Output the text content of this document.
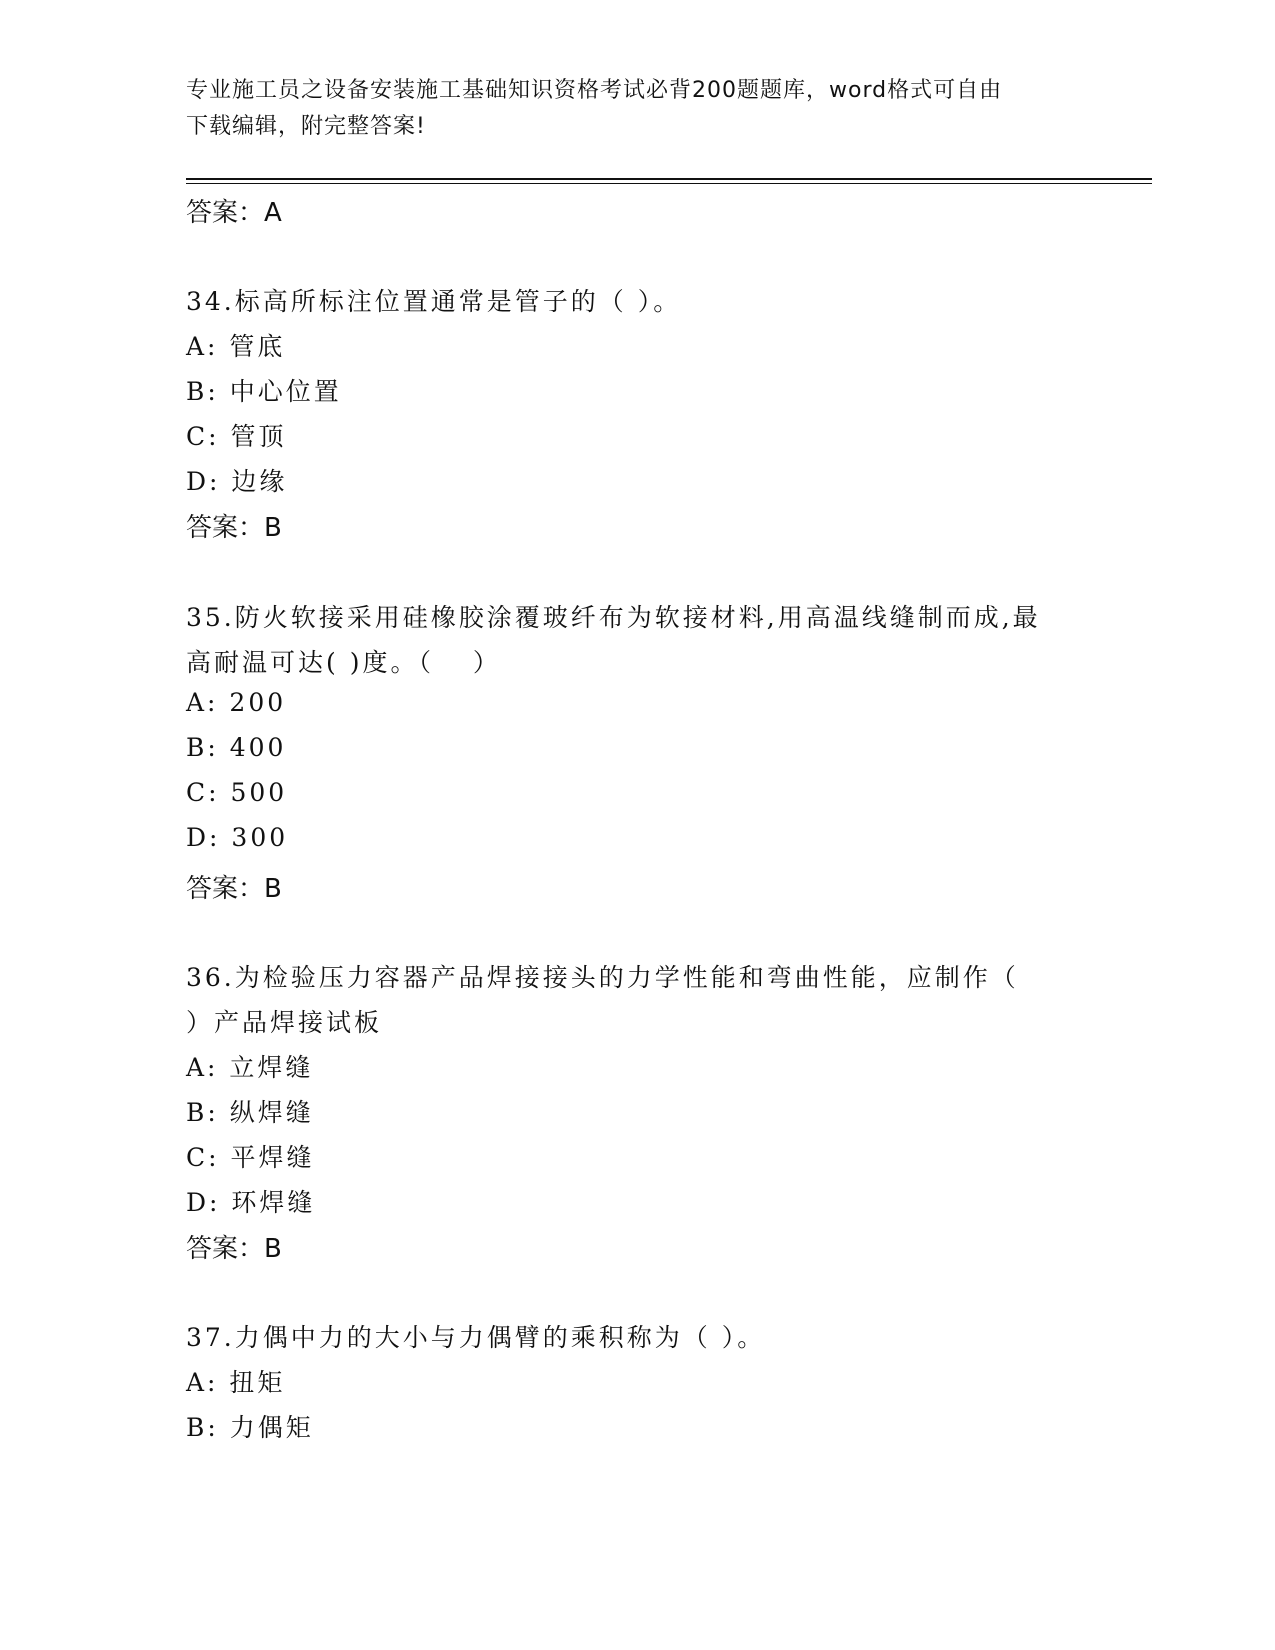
专业施工员之设备安装施工基础知识资格考试必背200题题库，word格式可自由
下载编辑，附完整答案!
答案：A
34.标高所标注位置通常是管子的（ ）。
A: 管底
B: 中心位置
C: 管顶
D: 边缘
答案：B
35.防火软接采用硅橡胶涂覆玻纤布为软接材料,用高温线缝制而成,最
高耐温可达( )度。（　 ）
A: 200
B: 400
C: 500
D: 300
答案：B
36.为检验压力容器产品焊接接头的力学性能和弯曲性能，应制作（
）产品焊接试板
A: 立焊缝
B: 纵焊缝
C: 平焊缝
D: 环焊缝
答案：B
37.力偶中力的大小与力偶臂的乘积称为（ ）。
A: 扭矩
B: 力偶矩
